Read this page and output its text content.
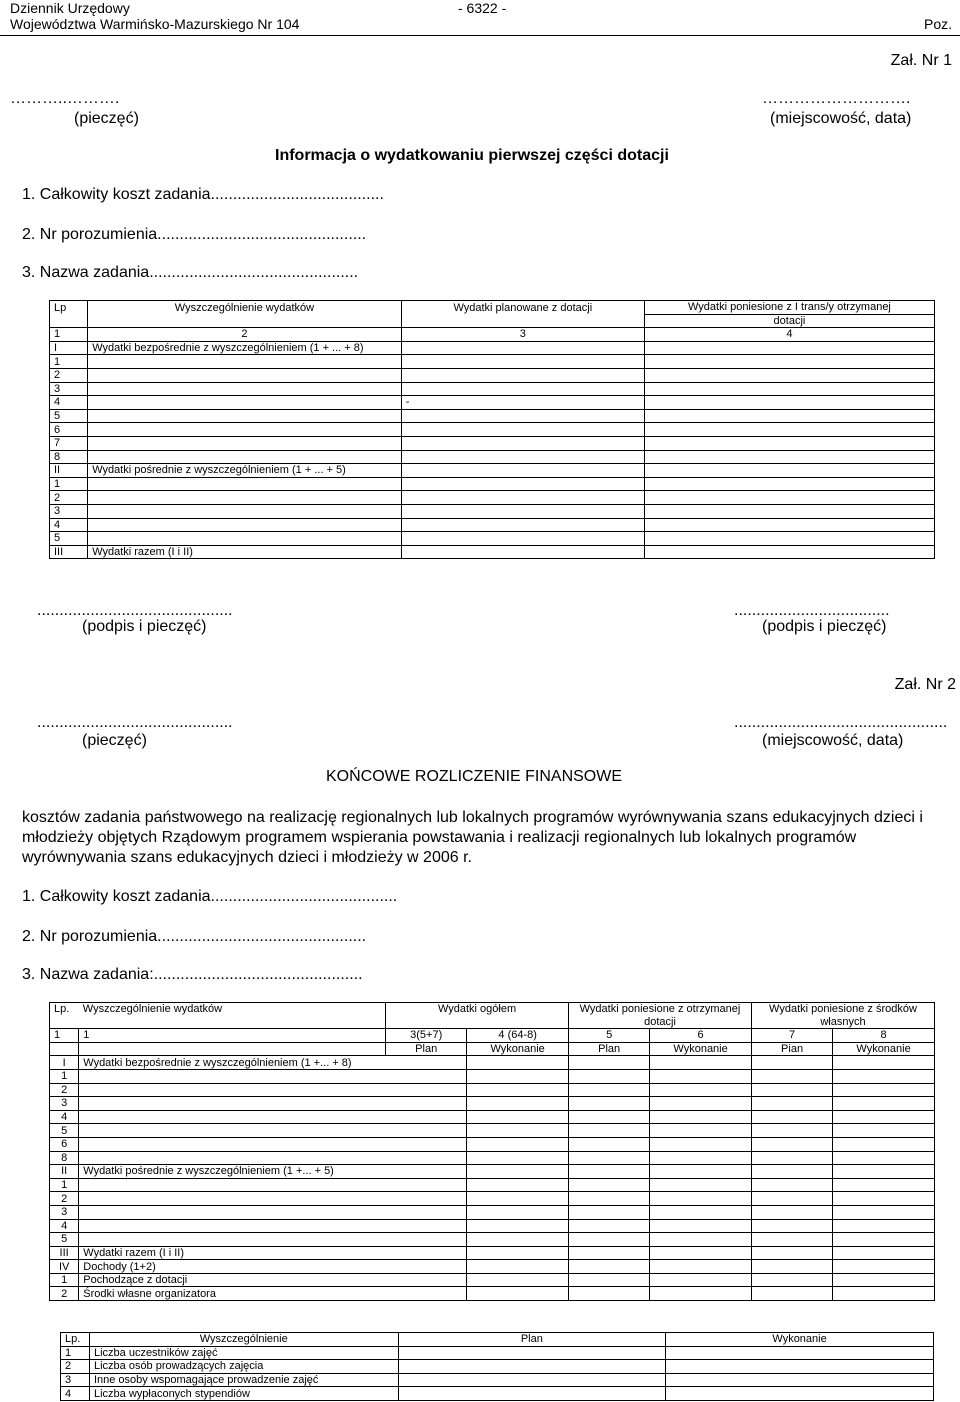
Dziennik Urzędowy
Województwa Warmińsko-Mazurskiego Nr 104
- 6322 -
Poz.
Zał. Nr 1
………..……….
(pieczęć)
……………………….
(miejscowość, data)
Informacja o wydatkowaniu pierwszej części dotacji
1. Całkowity koszt zadania.......................................
2. Nr porozumienia...............................................
3. Nazwa zadania...............................................
Lp	Wyszczególnienie wydatków	Wydatki planowane z dotacji	Wydatki poniesione z I trans/y otrzymanej
			dotacji
1	2	3	4
I	Wydatki bezpośrednie z wyszczególnieniem (1 + ... + 8)		
1			
2			
3			
4		-	
5			
6			
7			
8			
II	Wydatki pośrednie z wyszczególnieniem (1 + ... + 5)		
1			
2			
3			
4			
5			
III	Wydatki razem (I i II)		
............................................
(podpis i pieczęć)
...................................
(podpis i pieczęć)
Zał. Nr 2
............................................
(pieczęć)
................................................
(miejscowość, data)
KOŃCOWE ROZLICZENIE FINANSOWE
kosztów zadania państwowego na realizację regionalnych lub lokalnych programów wyrównywania szans edukacyjnych dzieci i młodzieży objętych Rządowym programem wspierania powstawania i realizacji regionalnych lub lokalnych programów wyrównywania szans edukacyjnych dzieci i młodzieży w 2006 r.
1. Całkowity koszt zadania..........................................
2. Nr porozumienia...............................................
3. Nazwa zadania:...............................................
Lp.	Wyszczególnienie wydatków	Wydatki ogółem		Wydatki poniesione z otrzymanej		Wydatki poniesione z środków	
				dotacji		własnych	
1	1	3(5+7)	4 (64-8)	5	6	7	8
		Plan	Wykonanie	Plan	Wykonanie	Pian	Wykonanie
I	Wydatki bezpośrednie z wyszczególnieniem (1 +... + 8)						
1							
2							
3							
4							
5							
6							
8							
II	Wydatki pośrednie z wyszczególnieniem (1 +... + 5)						
1							
2							
3							
4							
5							
III	Wydatki razem (I i II)						
IV	Dochody (1+2)						
1	Pochodzące z dotacji						
2	Środki własne organizatora						
Lp.	Wyszczególnienie	Plan	Wykonanie
1	Liczba uczestników zajęć		
2	Liczba osób prowadzących zajęcia		
3	Inne osoby wspomagające prowadzenie zajęć		
4	Liczba wypłaconych stypendiów		
